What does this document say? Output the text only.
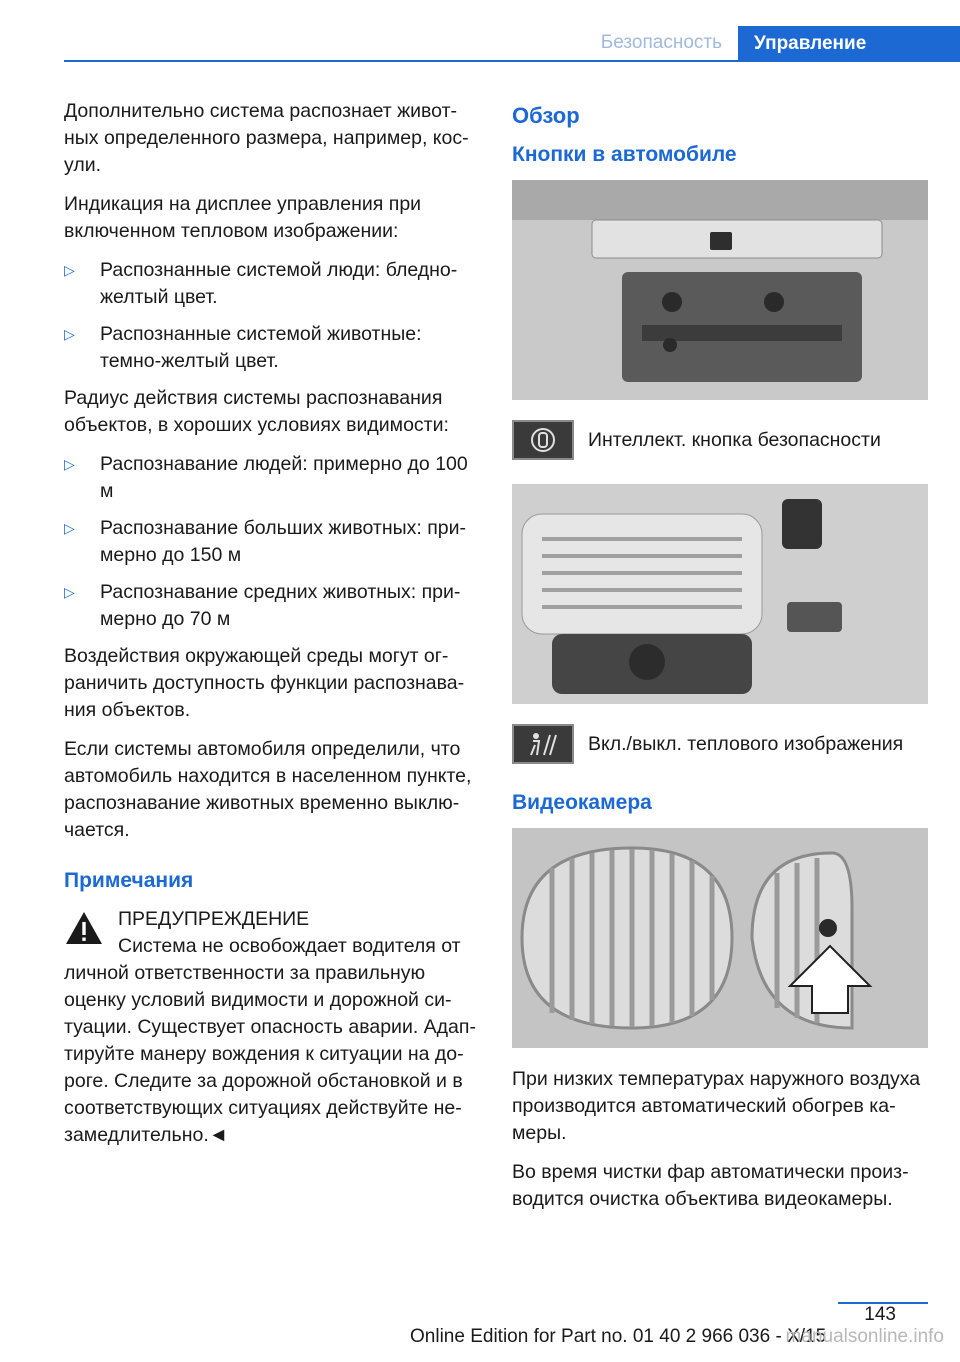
Безопасность	Управление

Дополнительно система распознает животных определенного размера, например, косули.

Индикация на дисплее управления при включенном тепловом изображении:

▷ Распознанные системой люди: бледно-желтый цвет.
▷ Распознанные системой животные: темно-желтый цвет.

Радиус действия системы распознавания объектов, в хороших условиях видимости:

▷ Распознавание людей: примерно до 100 м
▷ Распознавание больших животных: примерно до 150 м
▷ Распознавание средних животных: примерно до 70 м

Воздействия окружающей среды могут ограничить доступность функции распознавания объектов.

Если системы автомобиля определили, что автомобиль находится в населенном пункте, распознавание животных временно выключается.

Примечания

ПРЕДУПРЕЖДЕНИЕ

Система не освобождает водителя от

личной ответственности за правильную оценку условий видимости и дорожной ситуации. Существует опасность аварии. Адаптируйте манеру вождения к ситуации на дороге. Следите за дорожной обстановкой и в соответствующих ситуациях действуйте незамедлительно.◄

Обзор
Кнопки в автомобиле
Интеллект. кнопка безопасности
Вкл./выкл. теплового изображения
Видеокамера

При низких температурах наружного воздуха производится автоматический обогрев камеры.

Во время чистки фар автоматически производится очистка объектива видеокамеры.

143
Online Edition for Part no. 01 40 2 966 036 - X/15
manualsonline.info
